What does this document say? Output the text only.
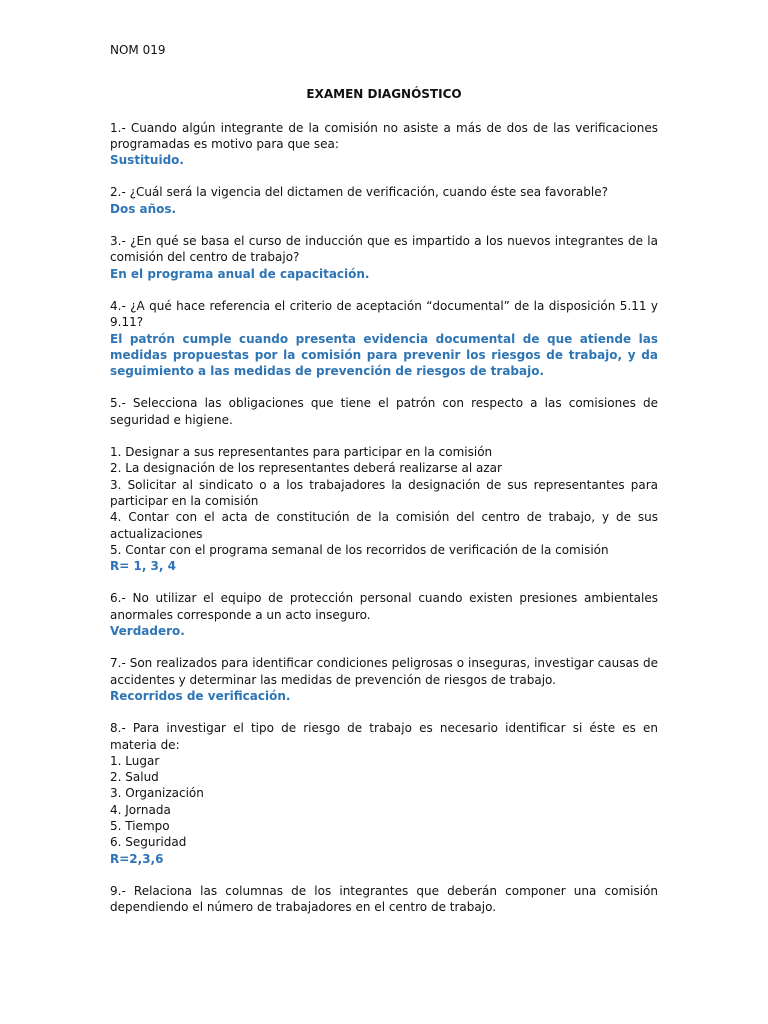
NOM 019
EXAMEN DIAGNÓSTICO

1.- Cuando algún integrante de la comisión no asiste a más de dos de las verificaciones programadas es motivo para que sea:

Sustituido.

2.- ¿Cuál será la vigencia del dictamen de verificación, cuando éste sea favorable?

Dos años.

3.- ¿En qué se basa el curso de inducción que es impartido a los nuevos integrantes de la comisión del centro de trabajo?

En el programa anual de capacitación.

4.- ¿A qué hace referencia el criterio de aceptación “documental” de la disposición 5.11 y 9.11?

El patrón cumple cuando presenta evidencia documental de que atiende las medidas propuestas por la comisión para prevenir los riesgos de trabajo, y da seguimiento a las medidas de prevención de riesgos de trabajo.

5.- Selecciona las obligaciones que tiene el patrón con respecto a las comisiones de seguridad e higiene.

1. Designar a sus representantes para participar en la comisión
2. La designación de los representantes deberá realizarse al azar
3. Solicitar al sindicato o a los trabajadores la designación de sus representantes para participar en la comisión
4. Contar con el acta de constitución de la comisión del centro de trabajo, y de sus actualizaciones
5. Contar con el programa semanal de los recorridos de verificación de la comisión

R= 1, 3, 4

6.- No utilizar el equipo de protección personal cuando existen presiones ambientales anormales corresponde a un acto inseguro.

Verdadero.

7.- Son realizados para identificar condiciones peligrosas o inseguras, investigar causas de accidentes y determinar las medidas de prevención de riesgos de trabajo.

Recorridos de verificación.

8.- Para investigar el tipo de riesgo de trabajo es necesario identificar si éste es en materia de:

1. Lugar
2. Salud
3. Organización
4. Jornada
5. Tiempo
6. Seguridad

R=2,3,6

9.- Relaciona las columnas de los integrantes que deberán componer una comisión dependiendo el número de trabajadores en el centro de trabajo.
